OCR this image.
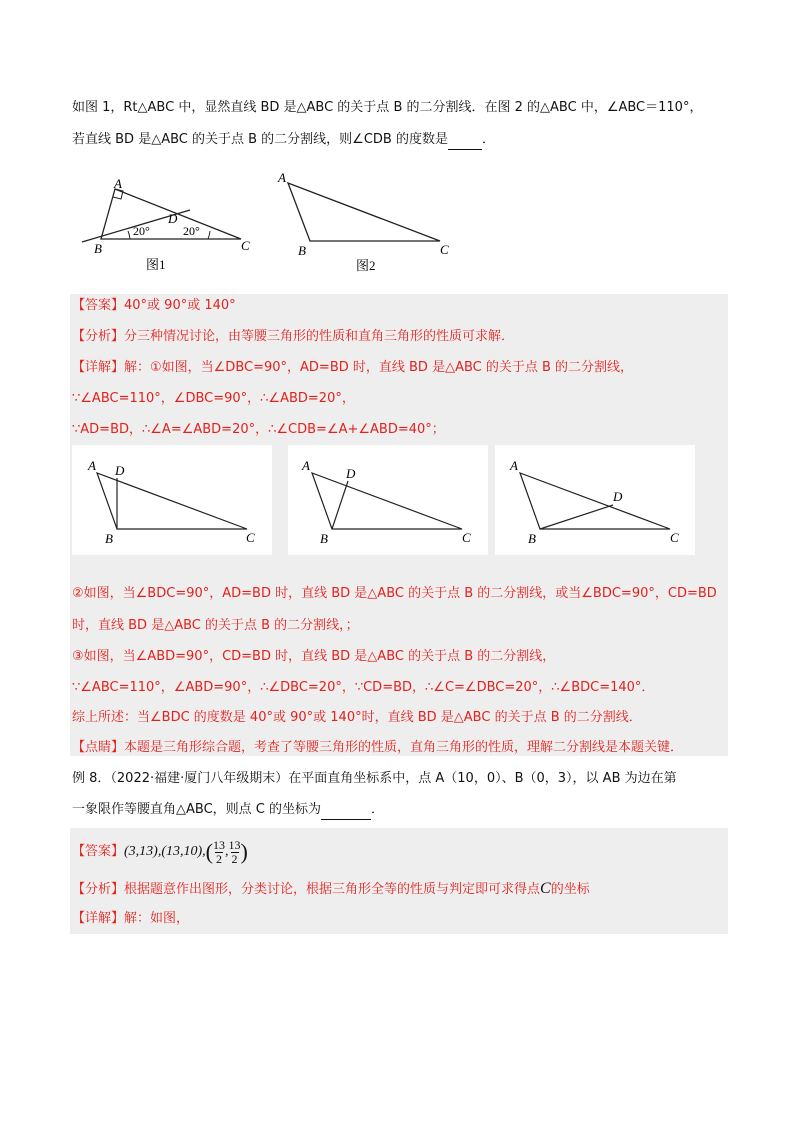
如图 1，Rt△ABC 中，显然直线 BD 是△ABC 的关于点 B 的二分割线．在图 2 的△ABC 中，∠ABC＝110°，
若直线 BD 是△ABC 的关于点 B 的二分割线，则∠CDB 的度数是	．
A
B	C
D
20°	20°
图1
A
B	C
图2
【答案】40°或 90°或 140°
【分析】分三种情况讨论，由等腰三角形的性质和直角三角形的性质可求解．
【详解】解：①如图，当∠DBC=90°，AD=BD 时，直线 BD 是△ABC 的关于点 B 的二分割线，
∵∠ABC=110°，∠DBC=90°，∴∠ABD=20°，
∵AD=BD，∴∠A=∠ABD=20°，∴∠CDB=∠A+∠ABD=40°；
A D
B	C
A
D
B	C
A
D
B	C
②如图，当∠BDC=90°，AD=BD 时，直线 BD 是△ABC 的关于点 B 的二分割线，或当∠BDC=90°，CD=BD
时，直线 BD 是△ABC 的关于点 B 的二分割线，；
③如图，当∠ABD=90°，CD=BD 时，直线 BD 是△ABC 的关于点 B 的二分割线，
∵∠ABC=110°，∠ABD=90°，∴∠DBC=20°，∵CD=BD，∴∠C=∠DBC=20°，∴∠BDC=140°．
综上所述：当∠BDC 的度数是 40°或 90°或 140°时，直线 BD 是△ABC 的关于点 B 的二分割线．
【点睛】本题是三角形综合题，考查了等腰三角形的性质，直角三角形的性质，理解二分割线是本题关键．
例 8．（2022·福建·厦门八年级期末）在平面直角坐标系中，点 A（10，0）、B（0，3），以 AB 为边在第
一象限作等腰直角△ABC，则点 C 的坐标为	．
【答案】 (3,13),(13,10), ( $\frac{13}{2}$ , $\frac{13}{2}$ )
【分析】根据题意作出图形，分类讨论，根据三角形全等的性质与判定即可求得点C的坐标
【详解】解：如图，
